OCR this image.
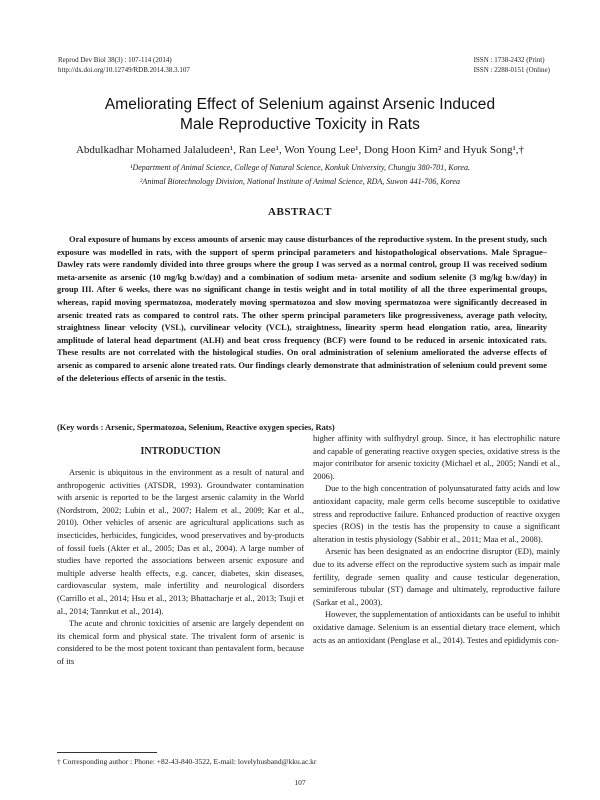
Reprod Dev Biol 38(3) : 107-114 (2014)
http://dx.doi.org/10.12749/RDB.2014.38.3.107
ISSN : 1738-2432 (Print)
ISSN : 2288-0151 (Online)
Ameliorating Effect of Selenium against Arsenic Induced
Male Reproductive Toxicity in Rats
Abdulkadhar Mohamed Jalaludeen¹, Ran Lee¹, Won Young Lee¹, Dong Hoon Kim² and Hyuk Song¹,†
¹Department of Animal Science, College of Natural Science, Konkuk University, Chungju 380-701, Korea.
²Animal Biotechnology Division, National Institute of Animal Science, RDA, Suwon 441-706, Korea
ABSTRACT

Oral exposure of humans by excess amounts of arsenic may cause disturbances of the reproductive system. In the present study, such exposure was modelled in rats, with the support of sperm principal parameters and histopathological observations. Male Sprague–Dawley rats were randomly divided into three groups where the group I was served as a normal control, group II was received sodium meta-arsenite as arsenic (10 mg/kg b.w/day) and a combination of sodium meta- arsenite and sodium selenite (3 mg/kg b.w/day) in group III. After 6 weeks, there was no significant change in testis weight and in total motility of all the three experimental groups, whereas, rapid moving spermatozoa, moderately moving spermatozoa and slow moving spermatozoa were significantly decreased in arsenic treated rats as compared to control rats. The other sperm principal parameters like progressiveness, average path velocity, straightness linear velocity (VSL), curvilinear velocity (VCL), straightness, linearity sperm head elongation ratio, area, linearity amplitude of lateral head department (ALH) and beat cross frequency (BCF) were found to be reduced in arsenic intoxicated rats. These results are not correlated with the histological studies. On oral administration of selenium ameliorated the adverse effects of arsenic as compared to arsenic alone treated rats. Our findings clearly demonstrate that administration of selenium could prevent some of the deleterious effects of arsenic in the testis.

(Key words : Arsenic, Spermatozoa, Selenium, Reactive oxygen species, Rats)

INTRODUCTION

Arsenic is ubiquitous in the environment as a result of natural and anthropogenic activities (ATSDR, 1993). Groundwater contamination with arsenic is reported to be the largest arsenic calamity in the World (Nordstrom, 2002; Lubin et al., 2007; Halem et al., 2009; Kar et al., 2010). Other vehicles of arsenic are agricultural applications such as insecticides, herbicides, fungicides, wood preservatives and by-products of fossil fuels (Akter et al., 2005; Das et al., 2004). A large number of studies have reported the associations between arsenic exposure and multiple adverse health effects, e.g. cancer, diabetes, skin diseases, cardiovascular system, male infertility and neurological disorders (Carrillo et al., 2014; Hsu et al., 2013; Bhattacharje et al., 2013; Tsuji et al., 2014; Tanrıkut et al., 2014).

The acute and chronic toxicities of arsenic are largely dependent on its chemical form and physical state. The trivalent form of arsenic is considered to be the most potent toxicant than pentavalent form, because of its

higher affinity with sulfhydryl group. Since, it has electrophilic nature and capable of generating reactive oxygen species, oxidative stress is the major contributor for arsenic toxicity (Michael et al., 2005; Nandi et al., 2006).

Due to the high concentration of polyunsaturated fatty acids and low antioxidant capacity, male germ cells become susceptible to oxidative stress and reproductive failure. Enhanced production of reactive oxygen species (ROS) in the testis has the propensity to cause a significant alteration in testis physiology (Sabbir et al., 2011; Maa et al., 2008).

Arsenic has been designated as an endocrine disruptor (ED), mainly due to its adverse effect on the reproductive system such as impair male fertility, degrade semen quality and cause testicular degeneration, seminiferous tubular (ST) damage and ultimately, reproductive failure (Sarkar et al., 2003).

However, the supplementation of antioxidants can be useful to inhibit oxidative damage. Selenium is an essential dietary trace element, which acts as an antioxidant (Penglase et al., 2014). Testes and epididymis con-

† Corresponding author : Phone: +82-43-840-3522, E-mail: lovelyhusband@kku.ac.kr
107
